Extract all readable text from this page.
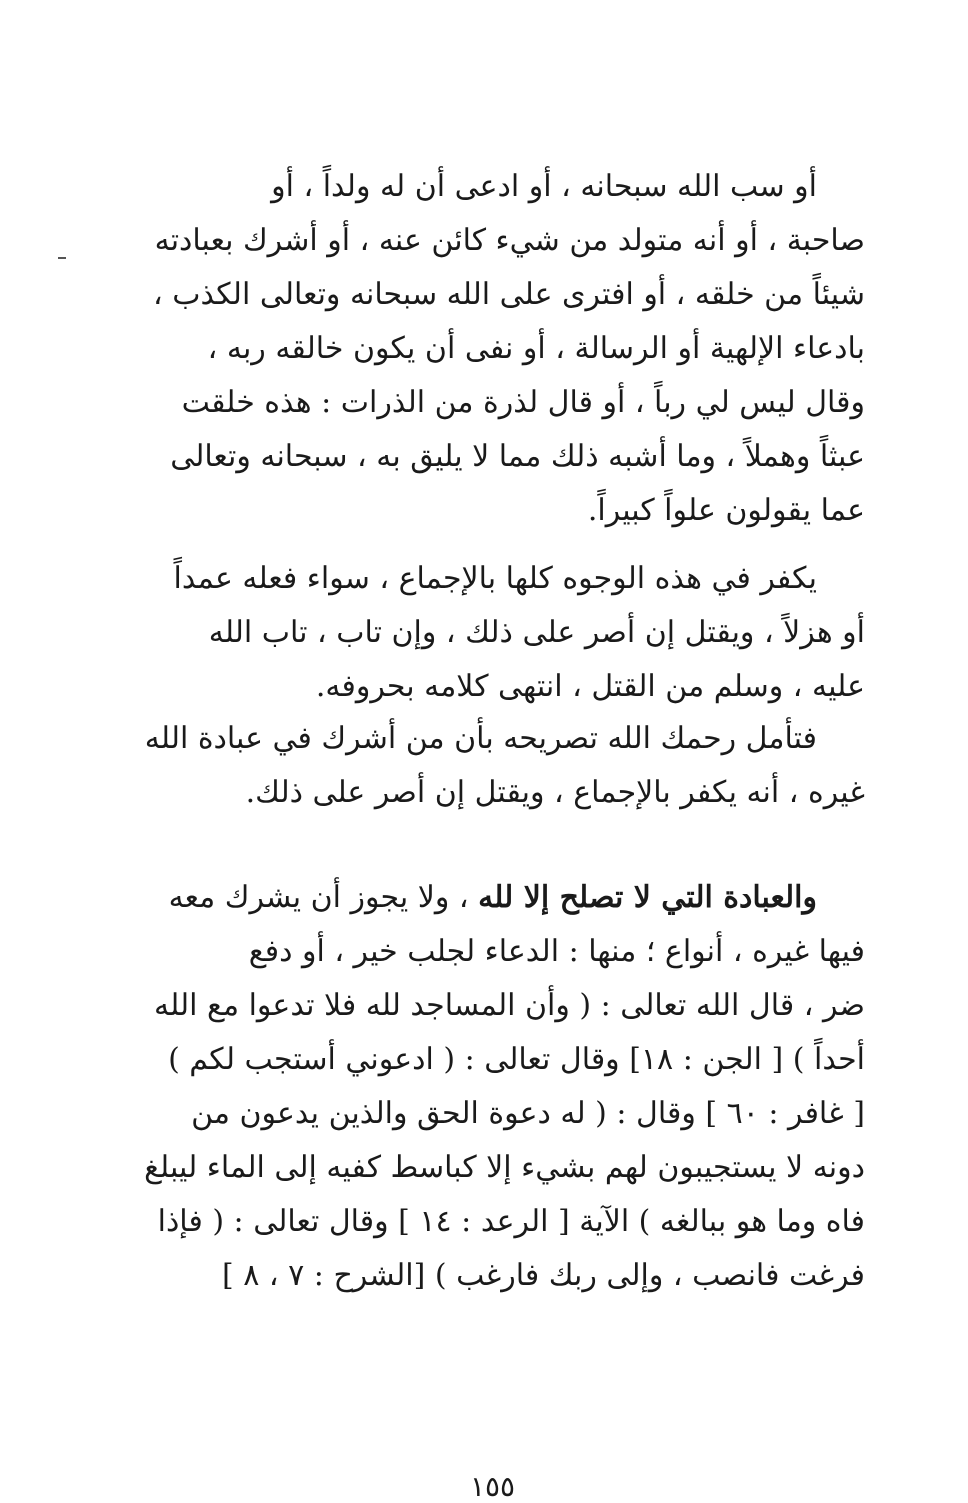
أو سب الله سبحانه ، أو ادعى أن له ولداً ، أو
صاحبة ، أو أنه متولد من شيء كائن عنه ، أو أشرك بعبادته
شيئاً من خلقه ، أو افترى على الله سبحانه وتعالى الكذب ،
بادعاء الإلهية أو الرسالة ، أو نفى أن يكون خالقه ربه ،
وقال ليس لي رباً ، أو قال لذرة من الذرات : هذه خلقت
عبثاً وهملاً ، وما أشبه ذلك مما لا يليق به ، سبحانه وتعالى
عما يقولون علواً كبيراً.
يكفر في هذه الوجوه كلها بالإجماع ، سواء فعله عمداً
أو هزلاً ، ويقتل إن أصر على ذلك ، وإن تاب ، تاب الله
عليه ، وسلم من القتل ، انتهى كلامه بحروفه.
فتأمل رحمك الله تصريحه بأن من أشرك في عبادة الله
غيره ، أنه يكفر بالإجماع ، ويقتل إن أصر على ذلك.
والعبادة التي لا تصلح إلا لله ، ولا يجوز أن يشرك معه
فيها غيره ، أنواع ؛ منها : الدعاء لجلب خير ، أو دفع
ضر ، قال الله تعالى : ( وأن المساجد لله فلا تدعوا مع الله
أحداً ) [ الجن : ١٨] وقال تعالى : ( ادعوني أستجب لكم )
[ غافر : ٦٠ ] وقال : ( له دعوة الحق والذين يدعون من
دونه لا يستجيبون لهم بشيء إلا كباسط كفيه إلى الماء ليبلغ
فاه وما هو ببالغه ) الآية [ الرعد : ١٤ ] وقال تعالى : ( فإذا
فرغت فانصب ، وإلى ربك فارغب ) [الشرح : ٧ ، ٨ ]
١٥٥
